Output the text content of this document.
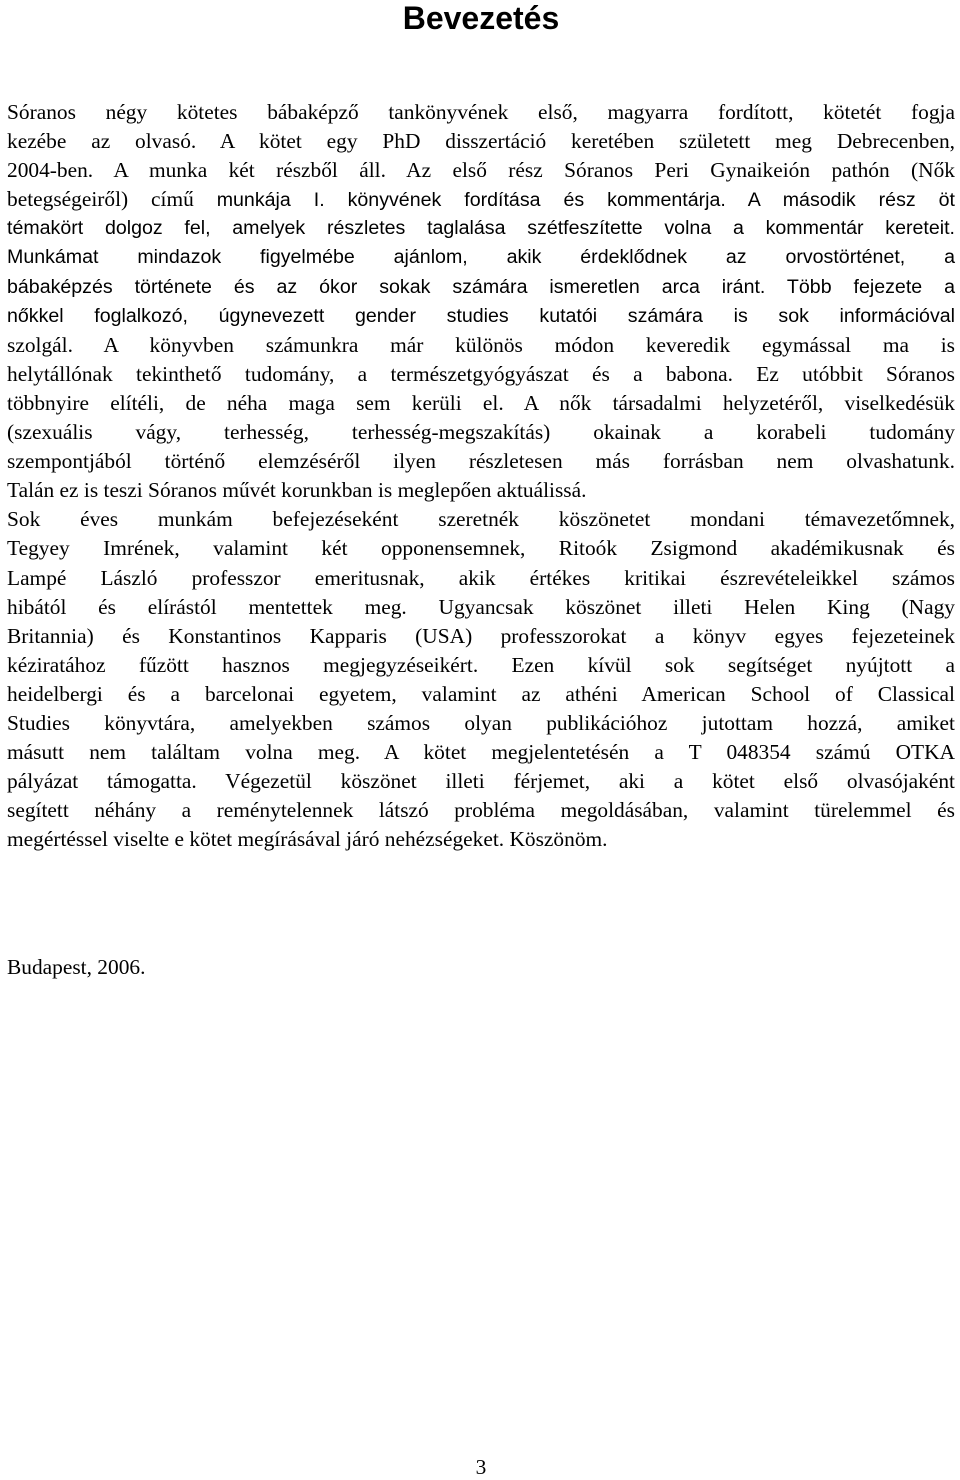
Bevezetés
Sóranos négy kötetes bábaképző tankönyvének első, magyarra fordított, kötetét fogja
kezébe az olvasó. A kötet egy PhD disszertáció keretében született meg Debrecenben,
2004-ben. A munka két részből áll. Az első rész Sóranos Peri Gynaikeión pathón (Nők
betegségeiről) című munkája I. könyvének fordítása és kommentárja. A második rész öt
témakört dolgoz fel, amelyek részletes taglalása szétfeszítette volna a kommentár kereteit.
Munkámat mindazok figyelmébe ajánlom, akik érdeklődnek az orvostörténet, a
bábaképzés története és az ókor sokak számára ismeretlen arca iránt. Több fejezete a
nőkkel foglalkozó, úgynevezett gender studies kutatói számára is sok információval
szolgál. A könyvben számunkra már különös módon keveredik egymással ma is
helytállónak tekinthető tudomány, a természetgyógyászat és a babona. Ez utóbbit Sóranos
többnyire elítéli, de néha maga sem kerüli el. A nők társadalmi helyzetéről, viselkedésük
(szexuális vágy, terhesség, terhesség-megszakítás) okainak a korabeli tudomány
szempontjából történő elemzéséről ilyen részletesen más forrásban nem olvashatunk.
Talán ez is teszi Sóranos művét korunkban is meglepően aktuálissá.
Sok éves munkám befejezéseként szeretnék köszönetet mondani témavezetőmnek,
Tegyey Imrének, valamint két opponensemnek, Ritoók Zsigmond akadémikusnak és
Lampé László professzor emeritusnak, akik értékes kritikai észrevételeikkel számos
hibától és elírástól mentettek meg. Ugyancsak köszönet illeti Helen King (Nagy
Britannia) és Konstantinos Kapparis (USA) professzorokat a könyv egyes fejezeteinek
kéziratához fűzött hasznos megjegyzéseikért. Ezen kívül sok segítséget nyújtott a
heidelbergi és a barcelonai egyetem, valamint az athéni American School of Classical
Studies könyvtára, amelyekben számos olyan publikációhoz jutottam hozzá, amiket
másutt nem találtam volna meg. A kötet megjelentetésén a T 048354 számú OTKA
pályázat támogatta. Végezetül köszönet illeti férjemet, aki a kötet első olvasójaként
segített néhány a reménytelennek látszó probléma megoldásában, valamint türelemmel és
megértéssel viselte e kötet megírásával járó nehézségeket. Köszönöm.
Budapest, 2006.
3
